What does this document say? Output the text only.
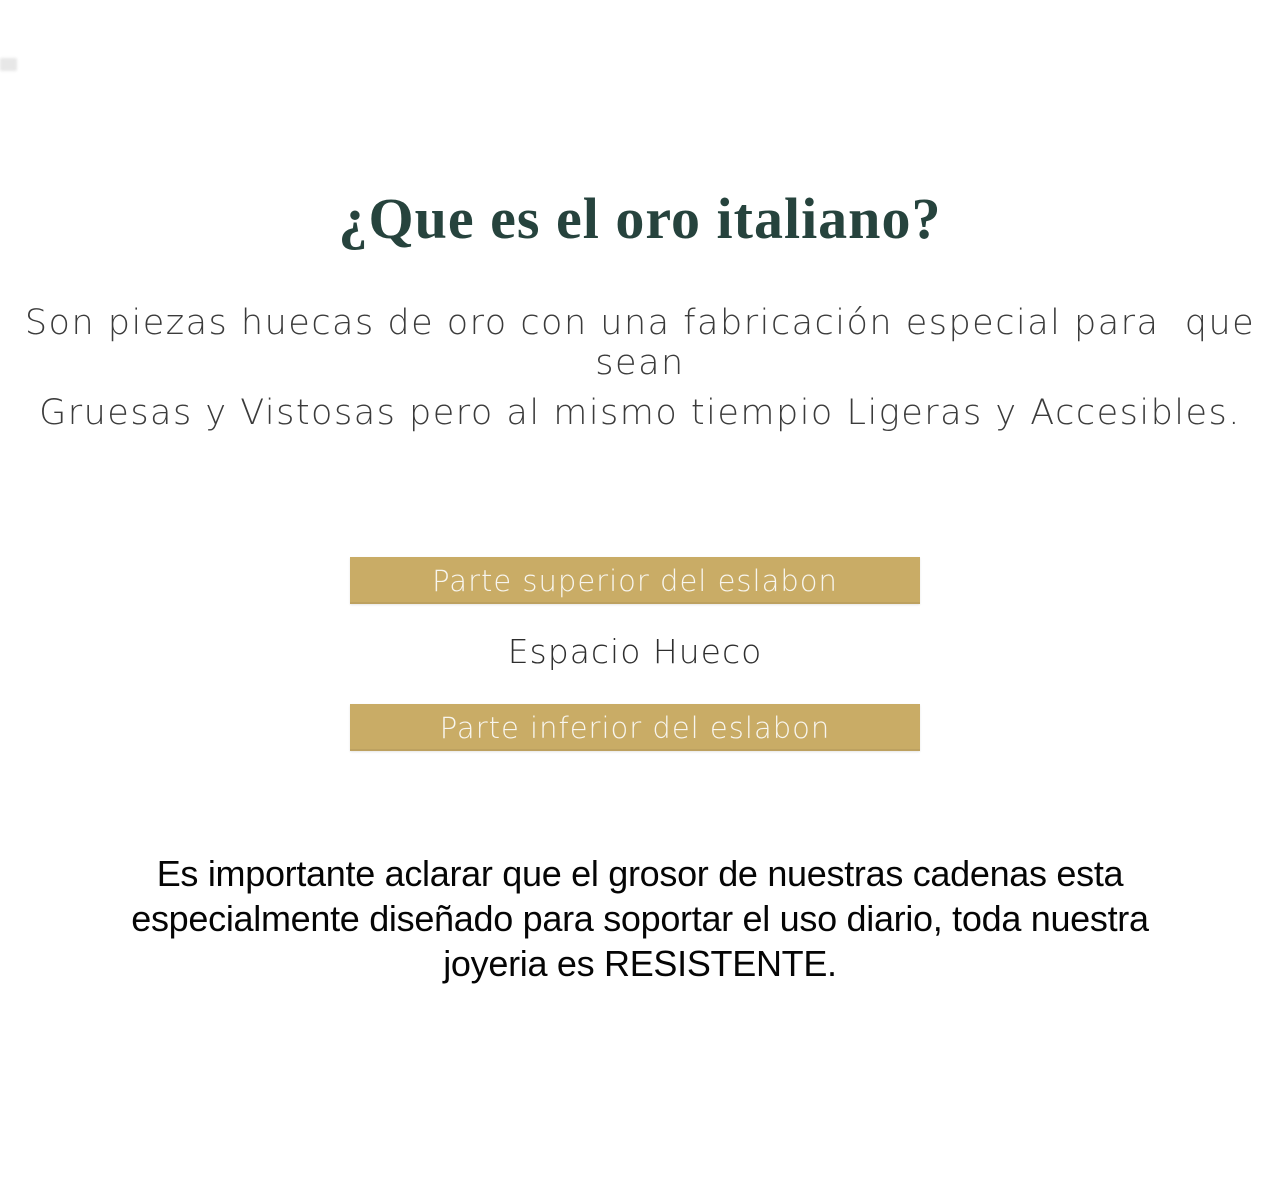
¿Que es el oro italiano?
Son piezas huecas de oro con una fabricación especial para  que sean
Gruesas y Vistosas pero al mismo tiempio Ligeras y Accesibles.
Parte superior del eslabon
Espacio Hueco
Parte inferior del eslabon
Es importante aclarar que el grosor de nuestras cadenas esta
especialmente diseñado para soportar el uso diario, toda nuestra
joyeria es RESISTENTE.
